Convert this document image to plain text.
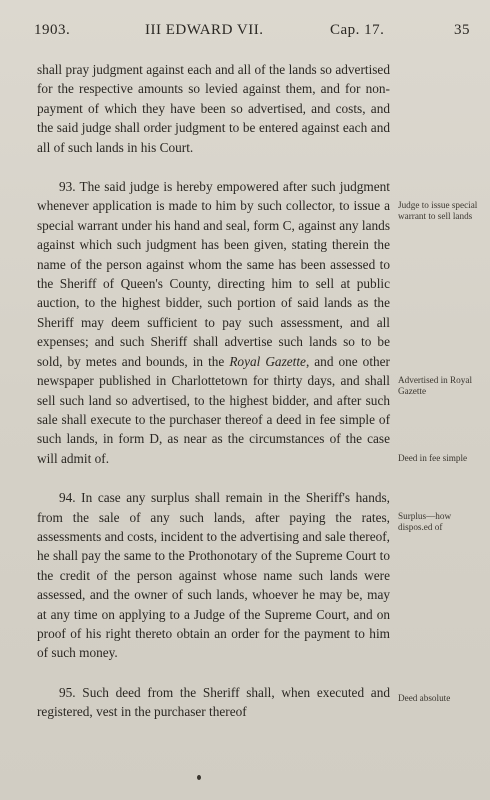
1903.	III EDWARD VII.	Cap. 17.	35

shall pray judgment against each and all of the lands so advertised for the respective amounts so levied against them, and for non-payment of which they have been so advertised, and costs, and the said judge shall order judgment to be entered against each and all of such lands in his Court.

93. The said judge is hereby empowered after such judgment whenever application is made to him by such collector, to issue a special warrant under his hand and seal, form C, against any lands against which such judgment has been given, stating therein the name of the person against whom the same has been assessed to the Sheriff of Queen's County, directing him to sell at public auction, to the highest bidder, such portion of said lands as the Sheriff may deem sufficient to pay such assessment, and all expenses; and such Sheriff shall advertise such lands so to be sold, by metes and bounds, in the Royal Gazette, and one other newspaper published in Charlottetown for thirty days, and shall sell such land so advertised, to the highest bidder, and after such sale shall execute to the purchaser thereof a deed in fee simple of such lands, in form D, as near as the circumstances of the case will admit of.

94. In case any surplus shall remain in the Sheriff's hands, from the sale of any such lands, after paying the rates, assessments and costs, incident to the advertising and sale thereof, he shall pay the same to the Prothonotary of the Supreme Court to the credit of the person against whose name such lands were assessed, and the owner of such lands, whoever he may be, may at any time on applying to a Judge of the Supreme Court, and on proof of his right thereto obtain an order for the payment to him of such money.

95. Such deed from the Sheriff shall, when executed and registered, vest in the purchaser thereof

Judge to issue special warrant to sell lands
Advertised in Royal Gazette
Deed in fee simple
Surplus—how dispos.ed of
Deed absolute
